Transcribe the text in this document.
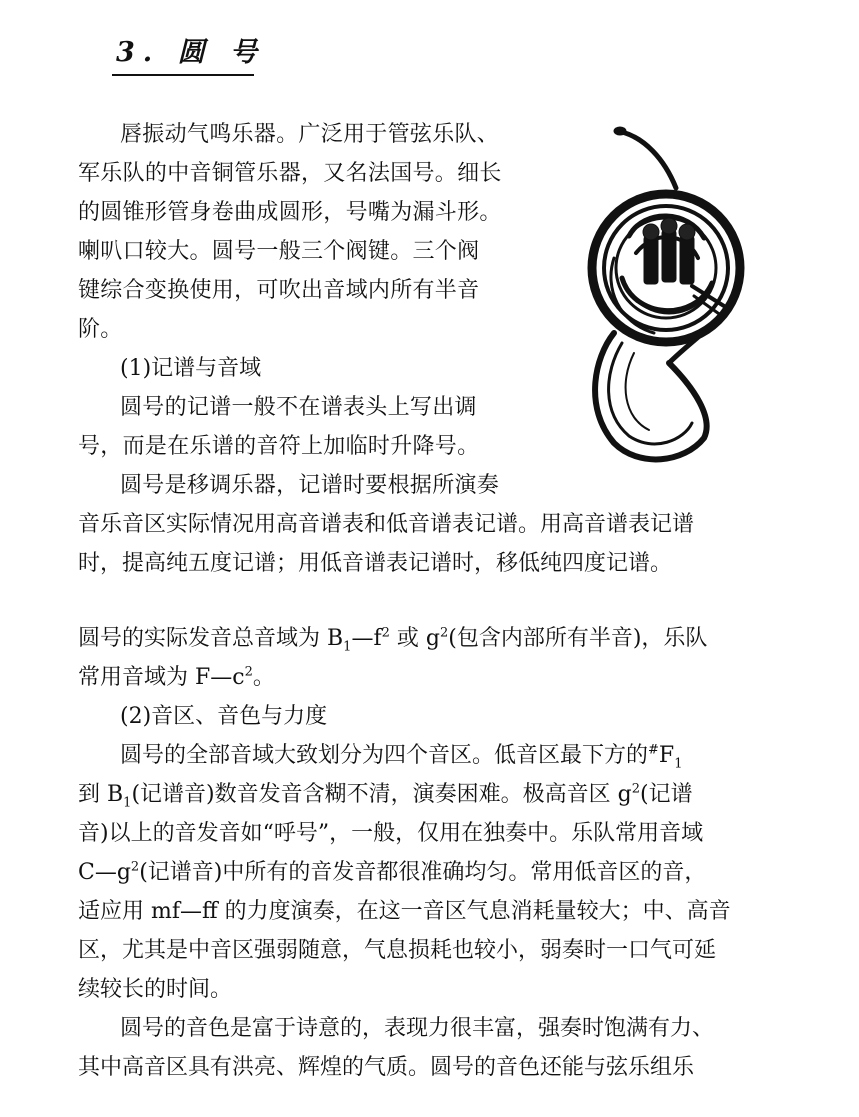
3. 圆 号
唇振动气鸣乐器。广泛用于管弦乐队、
军乐队的中音铜管乐器，又名法国号。细长
的圆锥形管身卷曲成圆形，号嘴为漏斗形。
喇叭口较大。圆号一般三个阀键。三个阀
键综合变换使用，可吹出音域内所有半音
阶。
(1)记谱与音域
圆号的记谱一般不在谱表头上写出调
号，而是在乐谱的音符上加临时升降号。
圆号是移调乐器，记谱时要根据所演奏
音乐音区实际情况用高音谱表和低音谱表记谱。用高音谱表记谱
时，提高纯五度记谱；用低音谱表记谱时，移低纯四度记谱。
圆号的实际发音总音域为 $B_1—f^2$ 或 $g^2$(包含内部所有半音)，乐队
常用音域为 $F—c^2$。
(2)音区、音色与力度
圆号的全部音域大致划分为四个音区。低音区最下方的$^{\#}F_1$
到 $B_1$(记谱音)数音发音含糊不清，演奏困难。极高音区 $g^2$(记谱
音)以上的音发音如“呼号”，一般，仅用在独奏中。乐队常用音域
$C—g^2$(记谱音)中所有的音发音都很准确均匀。常用低音区的音，
适应用 mf—ff 的力度演奏，在这一音区气息消耗量较大；中、高音
区，尤其是中音区强弱随意，气息损耗也较小，弱奏时一口气可延
续较长的时间。
圆号的音色是富于诗意的，表现力很丰富，强奏时饱满有力、
其中高音区具有洪亮、辉煌的气质。圆号的音色还能与弦乐组乐
